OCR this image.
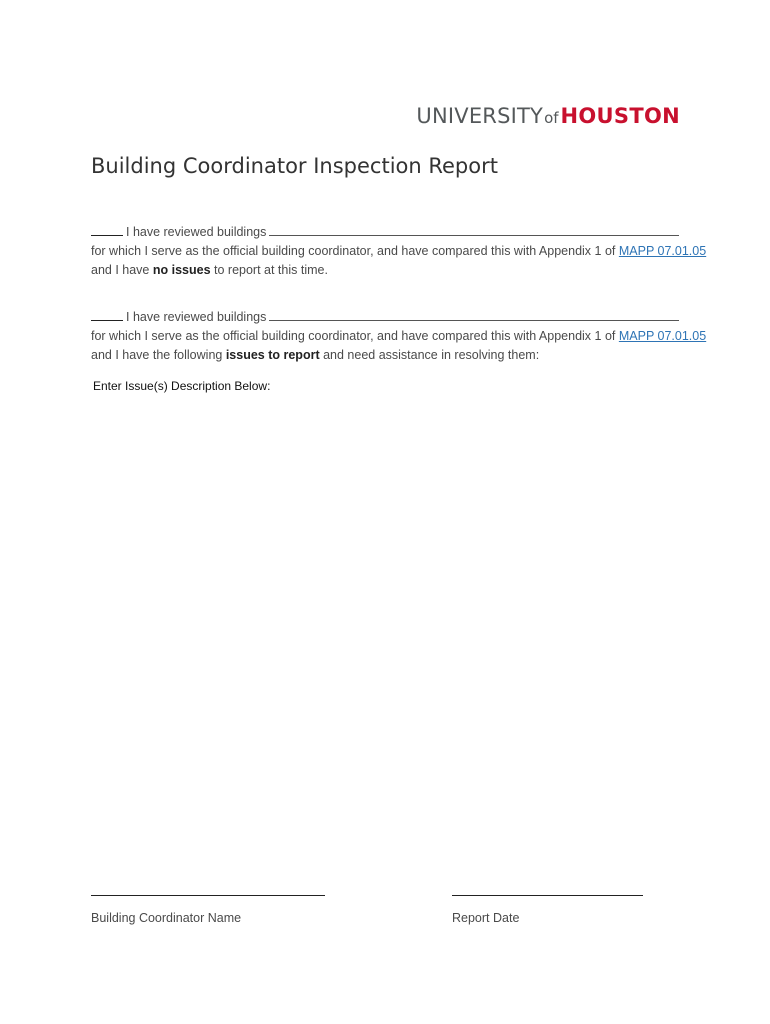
UNIVERSITY of HOUSTON
Building Coordinator Inspection Report
I have reviewed buildings
for which I serve as the official building coordinator, and have compared this with Appendix 1 of MAPP 07.01.05
and I have no issues to report at this time.
I have reviewed buildings
for which I serve as the official building coordinator, and have compared this with Appendix 1 of MAPP 07.01.05
and I have the following issues to report and need assistance in resolving them:
Enter Issue(s) Description Below:
Building Coordinator Name	Report Date
